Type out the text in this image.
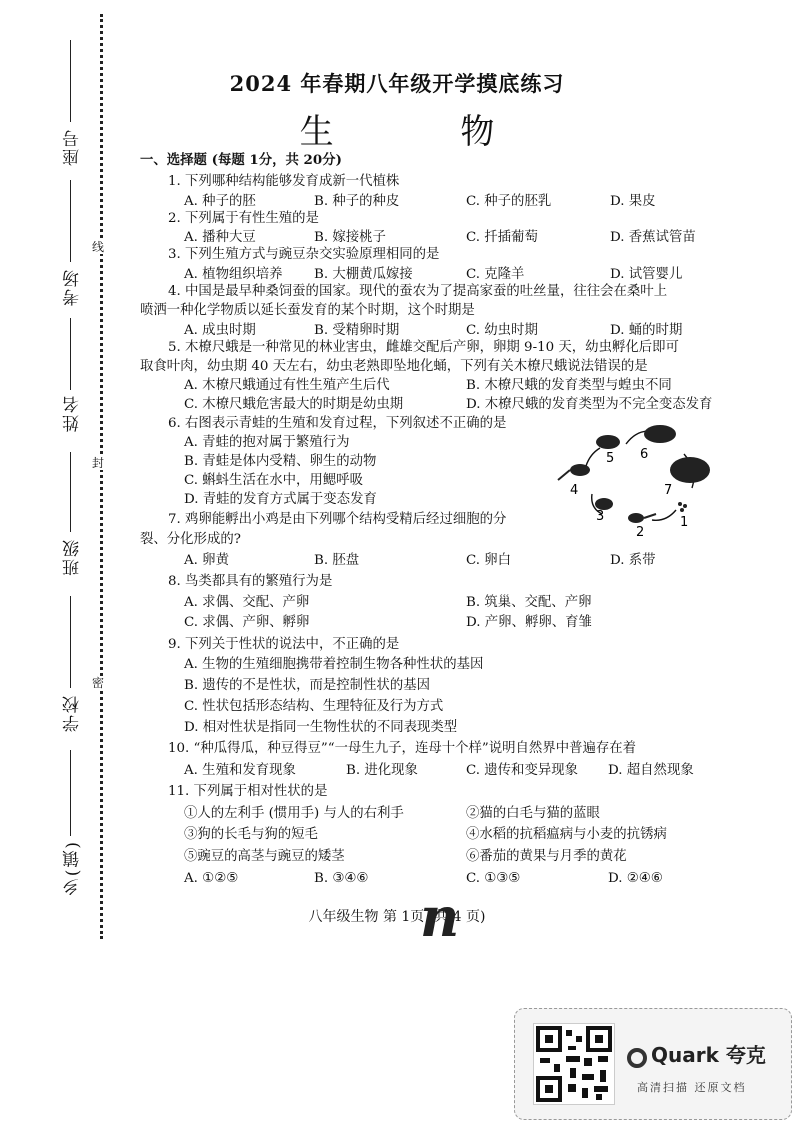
线
封
密
座号
考场
姓名
班级
学校
乡(镇)
2024 年春期八年级开学摸底练习
生 物
一、选择题 (每题 1分，共 20分)
1. 下列哪种结构能够发育成新一代植株
A. 种子的胚	B. 种子的种皮	C. 种子的胚乳	D. 果皮
2. 下列属于有性生殖的是
A. 播种大豆	B. 嫁接桃子	C. 扦插葡萄	D. 香蕉试管苗
3. 下列生殖方式与豌豆杂交实验原理相同的是
A. 植物组织培养 B. 大棚黄瓜嫁接	C. 克隆羊	D. 试管婴儿
4. 中国是最早种桑饲蚕的国家。现代的蚕农为了提高家蚕的吐丝量，往往会在桑叶上
喷洒一种化学物质以延长蚕发育的某个时期，这个时期是
A. 成虫时期	B. 受精卵时期	C. 幼虫时期	D. 蛹的时期
5. 木橑尺蛾是一种常见的林业害虫，雌雄交配后产卵，卵期 9-10 天，幼虫孵化后即可
取食叶肉，幼虫期 40 天左右，幼虫老熟即坠地化蛹，下列有关木橑尺蛾说法错误的是
A. 木橑尺蛾通过有性生殖产生后代	B. 木橑尺蛾的发育类型与蝗虫不同
C. 木橑尺蛾危害最大的时期是幼虫期	D. 木橑尺蛾的发育类型为不完全变态发育
6. 右图表示青蛙的生殖和发育过程，下列叙述不正确的是
A. 青蛙的抱对属于繁殖行为
B. 青蛙是体内受精、卵生的动物
C. 蝌蚪生活在水中，用鳃呼吸
D. 青蛙的发育方式属于变态发育
5 6
7
1
2
3
4
7. 鸡卵能孵出小鸡是由下列哪个结构受精后经过细胞的分
裂、分化形成的?
A. 卵黄	B. 胚盘	C. 卵白	D. 系带
8. 鸟类都具有的繁殖行为是
A. 求偶、交配、产卵	B. 筑巢、交配、产卵
C. 求偶、产卵、孵卵	D. 产卵、孵卵、育雏
9. 下列关于性状的说法中，不正确的是
A. 生物的生殖细胞携带着控制生物各种性状的基因
B. 遗传的不是性状，而是控制性状的基因
C. 性状包括形态结构、生理特征及行为方式
D. 相对性状是指同一生物性状的不同表现类型
10. “种瓜得瓜，种豆得豆”“一母生九子，连母十个样”说明自然界中普遍存在着
A. 生殖和发育现象	B. 进化现象	C. 遗传和变异现象 D. 超自然现象
11. 下列属于相对性状的是
①人的左利手 (惯用手) 与人的右利手	②猫的白毛与猫的蓝眼
③狗的长毛与狗的短毛	④水稻的抗稻瘟病与小麦的抗锈病
⑤豌豆的高茎与豌豆的矮茎	⑥番茄的黄果与月季的黄花
A. ①②⑤	B. ③④⑥	C. ①③⑤	D. ②④⑥
八年级生物 第 1页 (共 4 页)
n
Quark 夸克
高清扫描 还原文档
